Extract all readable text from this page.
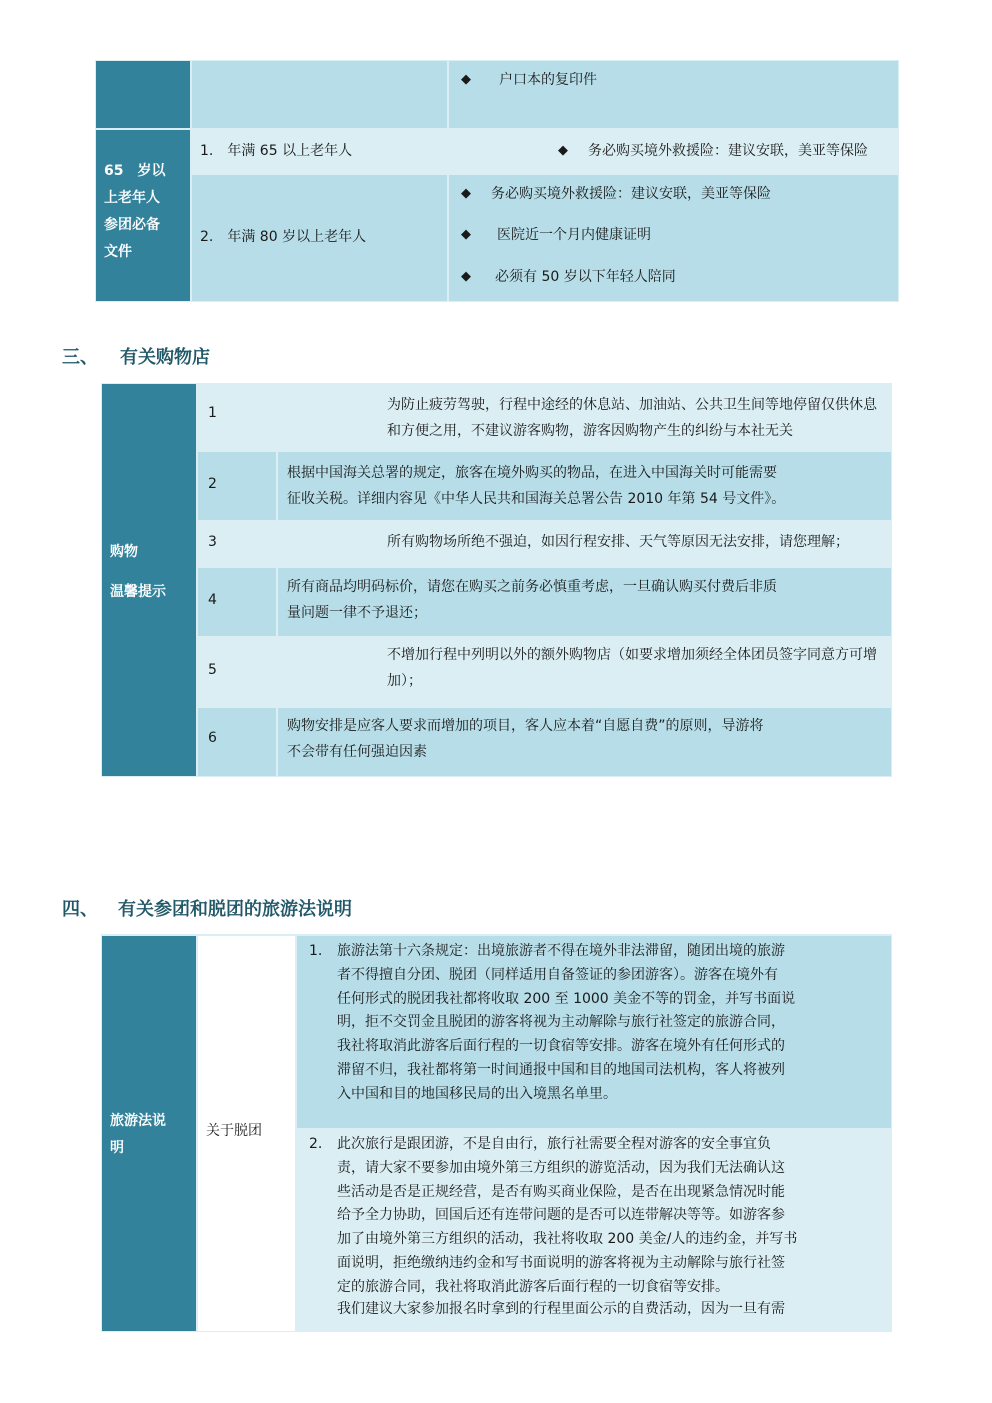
◆	户口本的复印件
65　岁以
上老年人
参团必备
文件
1.　年满 65 以上老年人	◆	务必购买境外救援险：建议安联，美亚等保险
2.　年满 80 岁以上老年人
◆	务必购买境外救援险：建议安联，美亚等保险
◆	医院近一个月内健康证明
◆	必须有 50 岁以下年轻人陪同
三、 有关购物店
购物
温馨提示
1	为防止疲劳驾驶，行程中途经的休息站、加油站、公共卫生间等地停留仅供休息
和方便之用，不建议游客购物，游客因购物产生的纠纷与本社无关
2
根据中国海关总署的规定，旅客在境外购买的物品，在进入中国海关时可能需要
征收关税。详细内容见《中华人民共和国海关总署公告 2010 年第 54 号文件》。
3	所有购物场所绝不强迫，如因行程安排、天气等原因无法安排，请您理解；
4
所有商品均明码标价，请您在购买之前务必慎重考虑，一旦确认购买付费后非质
量问题一律不予退还；
5
不增加行程中列明以外的额外购物店（如要求增加须经全体团员签字同意方可增
加）；
6
购物安排是应客人要求而增加的项目，客人应本着“自愿自费”的原则，导游将
不会带有任何强迫因素
四、 有关参团和脱团的旅游法说明
旅游法说
明
关于脱团
1. 旅游法第十六条规定：出境旅游者不得在境外非法滞留，随团出境的旅游
者不得擅自分团、脱团（同样适用自备签证的参团游客）。游客在境外有
任何形式的脱团我社都将收取 200 至 1000 美金不等的罚金，并写书面说
明，拒不交罚金且脱团的游客将视为主动解除与旅行社签定的旅游合同，
我社将取消此游客后面行程的一切食宿等安排。游客在境外有任何形式的
滞留不归，我社都将第一时间通报中国和目的地国司法机构，客人将被列
入中国和目的地国移民局的出入境黑名单里。
2. 此次旅行是跟团游，不是自由行，旅行社需要全程对游客的安全事宜负
责，请大家不要参加由境外第三方组织的游览活动，因为我们无法确认这
些活动是否是正规经营，是否有购买商业保险，是否在出现紧急情况时能
给予全力协助，回国后还有连带问题的是否可以连带解决等等。如游客参
加了由境外第三方组织的活动，我社将收取 200 美金/人的违约金，并写书
面说明，拒绝缴纳违约金和写书面说明的游客将视为主动解除与旅行社签
定的旅游合同，我社将取消此游客后面行程的一切食宿等安排。
我们建议大家参加报名时拿到的行程里面公示的自费活动，因为一旦有需
